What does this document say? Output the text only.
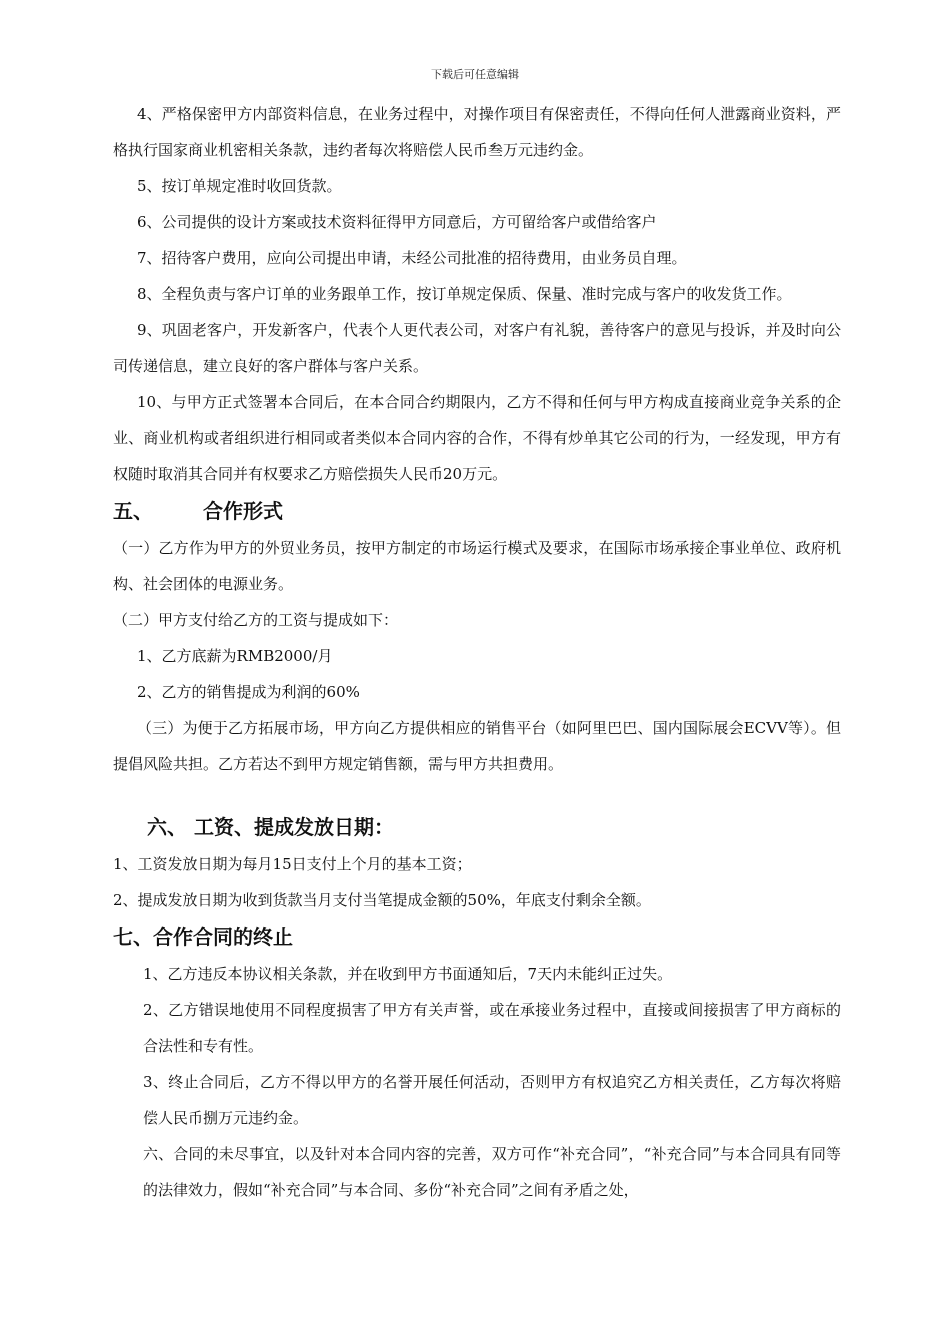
下载后可任意编辑

4、严格保密甲方内部资料信息，在业务过程中，对操作项目有保密责任，不得向任何人泄露商业资料，严格执行国家商业机密相关条款，违约者每次将赔偿人民币叁万元违约金。

5、按订单规定准时收回货款。

6、公司提供的设计方案或技术资料征得甲方同意后，方可留给客户或借给客户

7、招待客户费用，应向公司提出申请，未经公司批准的招待费用，由业务员自理。

8、全程负责与客户订单的业务跟单工作，按订单规定保质、保量、准时完成与客户的收发货工作。

9、巩固老客户，开发新客户，代表个人更代表公司，对客户有礼貌，善待客户的意见与投诉，并及时向公司传递信息，建立良好的客户群体与客户关系。

10、与甲方正式签署本合同后，在本合同合约期限内，乙方不得和任何与甲方构成直接商业竞争关系的企业、商业机构或者组织进行相同或者类似本合同内容的合作，不得有炒单其它公司的行为，一经发现，甲方有权随时取消其合同并有权要求乙方赔偿损失人民币20万元。

五、	合作形式

（一）乙方作为甲方的外贸业务员，按甲方制定的市场运行模式及要求，在国际市场承接企事业单位、政府机构、社会团体的电源业务。

（二）甲方支付给乙方的工资与提成如下：

1、乙方底薪为RMB2000/月

2、乙方的销售提成为利润的60%

（三）为便于乙方拓展市场，甲方向乙方提供相应的销售平台（如阿里巴巴、国内国际展会ECVV等）。但提倡风险共担。乙方若达不到甲方规定销售额，需与甲方共担费用。

六、 工资、提成发放日期：

1、工资发放日期为每月15日支付上个月的基本工资；

2、提成发放日期为收到货款当月支付当笔提成金额的50%，年底支付剩余全额。

七、合作合同的终止

1、乙方违反本协议相关条款，并在收到甲方书面通知后，7天内未能纠正过失。

2、乙方错误地使用不同程度损害了甲方有关声誉，或在承接业务过程中，直接或间接损害了甲方商标的合法性和专有性。

3、终止合同后，乙方不得以甲方的名誉开展任何活动，否则甲方有权追究乙方相关责任，乙方每次将赔偿人民币捌万元违约金。

六、合同的未尽事宜，以及针对本合同内容的完善，双方可作“补充合同”，“补充合同”与本合同具有同等的法律效力，假如“补充合同”与本合同、多份“补充合同”之间有矛盾之处，
